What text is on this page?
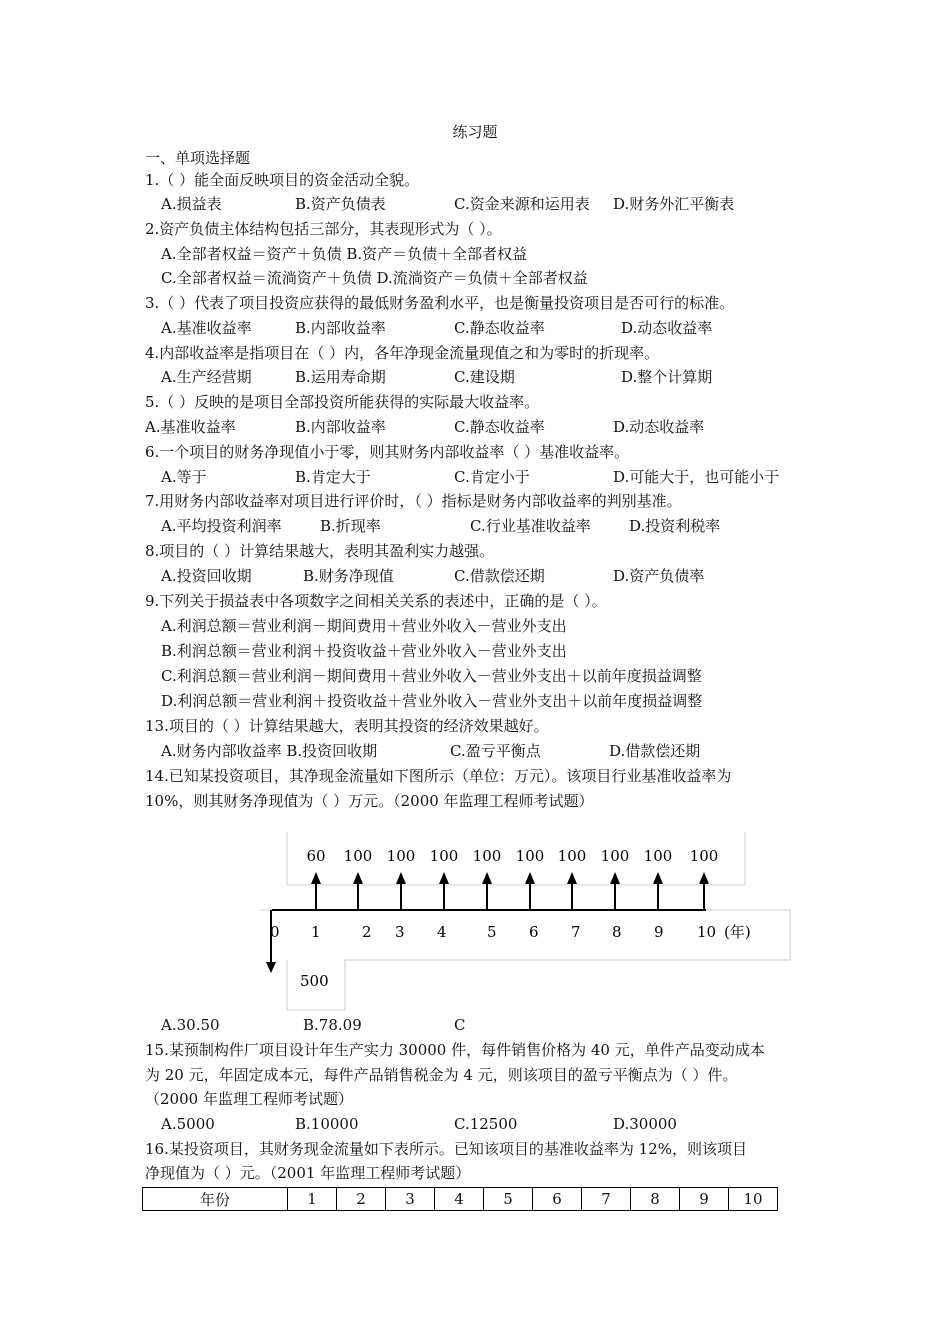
练习题
一、单项选择题
1.（ ）能全面反映项目的资金活动全貌。
A.损益表	B.资产负债表	C.资金来源和运用表 D.财务外汇平衡表
2.资产负债主体结构包括三部分，其表现形式为（ ）。
A.全部者权益＝资产＋负债 B.资产＝负债＋全部者权益
C.全部者权益＝流淌资产＋负债 D.流淌资产＝负债＋全部者权益
3.（ ）代表了项目投资应获得的最低财务盈利水平，也是衡量投资项目是否可行的标准。
A.基准收益率	B.内部收益率	C.静态收益率	D.动态收益率
4.内部收益率是指项目在（ ）内，各年净现金流量现值之和为零时的折现率。
A.生产经营期	B.运用寿命期	C.建设期	D.整个计算期
5.（ ）反映的是项目全部投资所能获得的实际最大收益率。
A.基准收益率	B.内部收益率	C.静态收益率	D.动态收益率
6.一个项目的财务净现值小于零，则其财务内部收益率（ ）基准收益率。
A.等于	B.肯定大于	C.肯定小于	D.可能大于，也可能小于
7.用财务内部收益率对项目进行评价时，（ ）指标是财务内部收益率的判别基准。
A.平均投资利润率	B.折现率	C.行业基准收益率	D.投资利税率
8.项目的（ ）计算结果越大，表明其盈利实力越强。
A.投资回收期	B.财务净现值	C.借款偿还期	D.资产负债率
9.下列关于损益表中各项数字之间相关关系的表述中，正确的是（ ）。
A.利润总额＝营业利润－期间费用＋营业外收入－营业外支出
B.利润总额＝营业利润＋投资收益＋营业外收入－营业外支出
C.利润总额＝营业利润－期间费用＋营业外收入－营业外支出＋以前年度损益调整
D.利润总额＝营业利润＋投资收益＋营业外收入－营业外支出＋以前年度损益调整
13.项目的（ ）计算结果越大，表明其投资的经济效果越好。
A.财务内部收益率 B.投资回收期	C.盈亏平衡点	D.借款偿还期
14.已知某投资项目，其净现金流量如下图所示（单位：万元）。该项目行业基准收益率为
10%，则其财务净现值为（ ）万元。（2000 年监理工程师考试题）
60 100 100 100 100 100 100 100 100 100
0 1	2 3 4	5 6 7 8 9 10
500
(年)
A.30.50	B.78.09	C
15.某预制构件厂项目设计年生产实力 30000 件，每件销售价格为 40 元，单件产品变动成本
为 20 元，年固定成本元，每件产品销售税金为 4 元，则该项目的盈亏平衡点为（ ）件。
（2000 年监理工程师考试题）
A.5000	B.10000	C.12500	D.30000
16.某投资项目，其财务现金流量如下表所示。已知该项目的基准收益率为 12%，则该项目
净现值为（ ）元。（2001 年监理工程师考试题）
年份	1	2	3	4	5	6	7	8	9	10
